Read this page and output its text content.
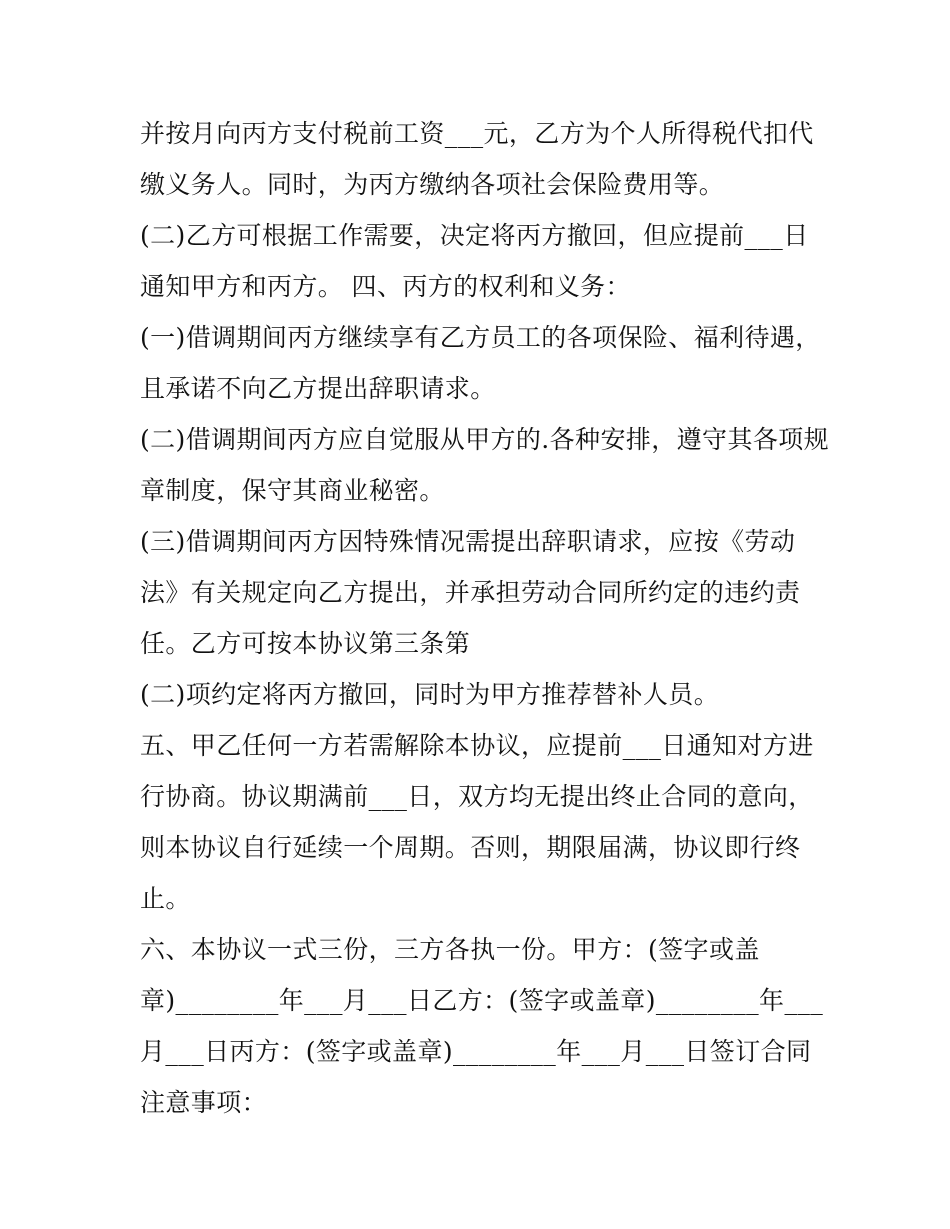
并按月向丙方支付税前工资___元，乙方为个人所得税代扣代
缴义务人。同时，为丙方缴纳各项社会保险费用等。
(二)乙方可根据工作需要，决定将丙方撤回，但应提前___日
通知甲方和丙方。 四、丙方的权利和义务：
(一)借调期间丙方继续享有乙方员工的各项保险、福利待遇，
且承诺不向乙方提出辞职请求。
(二)借调期间丙方应自觉服从甲方的.各种安排，遵守其各项规
章制度，保守其商业秘密。
(三)借调期间丙方因特殊情况需提出辞职请求，应按《劳动
法》有关规定向乙方提出，并承担劳动合同所约定的违约责
任。乙方可按本协议第三条第
(二)项约定将丙方撤回，同时为甲方推荐替补人员。
五、甲乙任何一方若需解除本协议，应提前___日通知对方进
行协商。协议期满前___日，双方均无提出终止合同的意向，
则本协议自行延续一个周期。否则，期限届满，协议即行终
止。
六、本协议一式三份，三方各执一份。甲方：(签字或盖
章)________年___月___日乙方：(签字或盖章)________年___
月___日丙方：(签字或盖章)________年___月___日签订合同
注意事项：
